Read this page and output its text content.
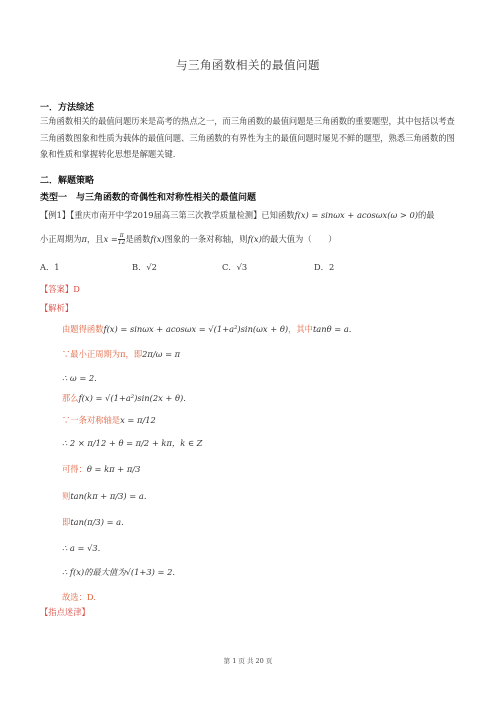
与三角函数相关的最值问题
一．方法综述
三角函数相关的最值问题历来是高考的热点之一，而三角函数的最值问题是三角函数的重要题型，其中包括以考查三角函数图象和性质为载体的最值问题、三角函数的有界性为主的最值问题时屡见不鲜的题型，熟悉三角函数的图象和性质和掌握转化思想是解题关键.
二．解题策略
类型一　与三角函数的奇偶性和对称性相关的最值问题
【例1】【重庆市南开中学2019届高三第三次教学质量检测】已知函数f(x) = sinωx + acosωx(ω > 0)的最
小正周期为π，且$x = \frac{\pi}{12}$ 是函数f(x)图象的一条对称轴，则f(x)的最大值为（　　）
A．1	B．√2	C．√3	D．2
【答案】D
【解析】
由题得函数f(x) = sinωx + acosωx = √(1+a²)sin(ωx + θ)，其中tanθ = a.
∵最小正周期为π，即2π/ω = π
∴ ω = 2.
那么f(x) = √(1+a²)sin(2x + θ).
∵一条对称轴是x = π/12
∴ 2 × π/12 + θ = π/2 + kπ，k ∈ Z
可得：θ = kπ + π/3
则tan(kπ + π/3) = a.
即tan(π/3) = a.
∴ a = √3.
∴ f(x)的最大值为√(1+3) = 2.
故选：D.
【指点迷津】
第 1 页 共 20 页
